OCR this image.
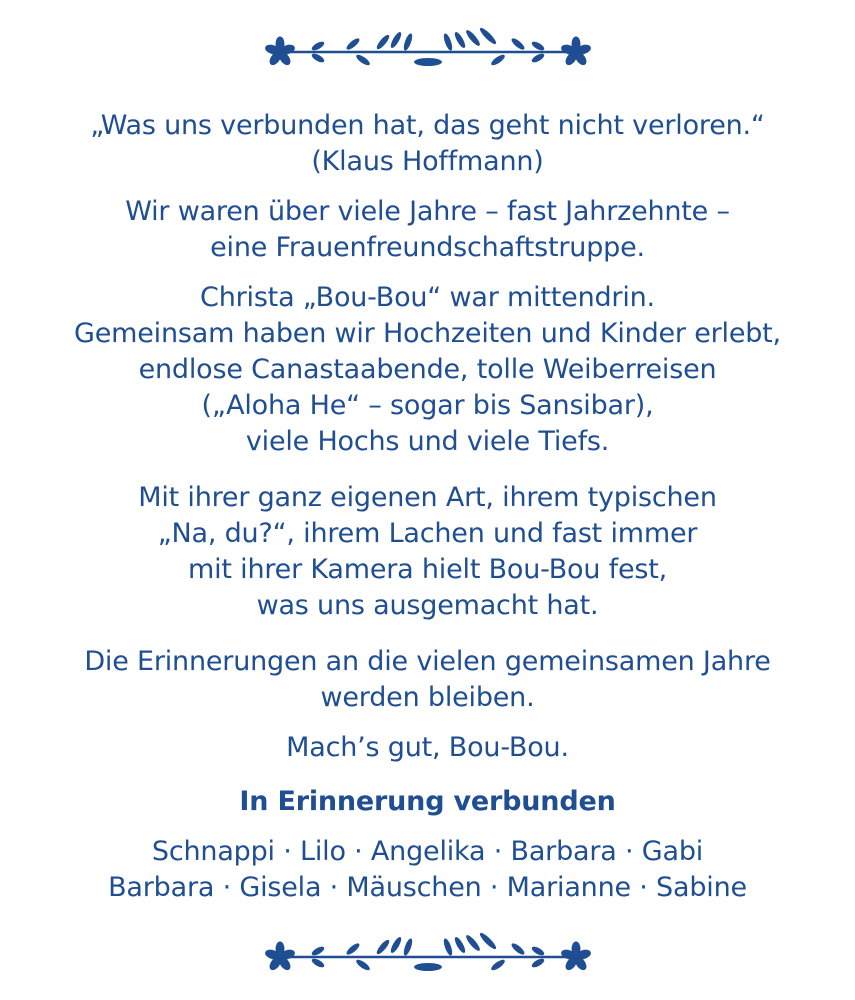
„Was uns verbunden hat, das geht nicht verloren.“
(Klaus Hoffmann)
Wir waren über viele Jahre – fast Jahrzehnte –
eine Frauenfreundschaftstruppe.
Christa „Bou-Bou“ war mittendrin.
Gemeinsam haben wir Hochzeiten und Kinder erlebt,
endlose Canastaabende, tolle Weiberreisen
(„Aloha He“ – sogar bis Sansibar),
viele Hochs und viele Tiefs.
Mit ihrer ganz eigenen Art, ihrem typischen
„Na, du?“, ihrem Lachen und fast immer
mit ihrer Kamera hielt Bou-Bou fest,
was uns ausgemacht hat.
Die Erinnerungen an die vielen gemeinsamen Jahre
werden bleiben.
Mach’s gut, Bou-Bou.
In Erinnerung verbunden
Schnappi · Lilo · Angelika · Barbara · Gabi
Barbara · Gisela · Mäuschen · Marianne · Sabine
